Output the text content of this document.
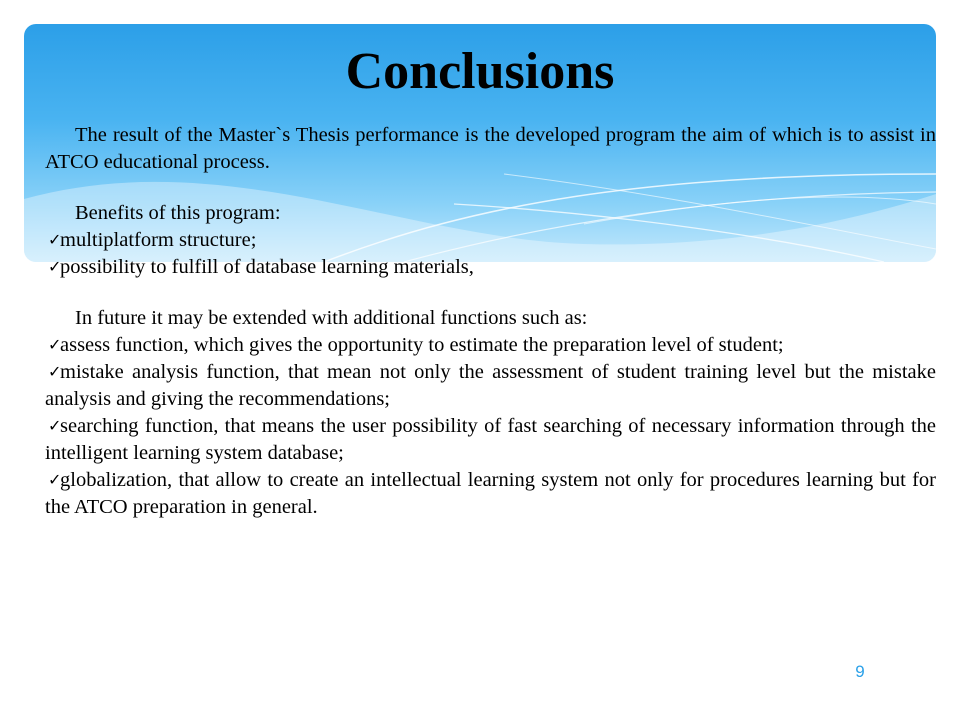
Conclusions

The result of the Master`s Thesis performance is the developed program the aim of which is to assist in ATCO educational process.

Benefits of this program:

✓
multiplatform structure;

✓
possibility to fulfill of database learning materials,

In future it may be extended with additional functions such as:

✓
assess function, which gives the opportunity to estimate the preparation level of student;

✓
mistake analysis function, that mean not only the assessment of student training level but the mistake analysis and giving the recommendations;

✓
searching function, that means the user possibility of fast searching of necessary information through the intelligent learning system database;

✓
globalization, that allow to create an intellectual learning system not only for procedures learning but for the ATCO preparation in general.

9
